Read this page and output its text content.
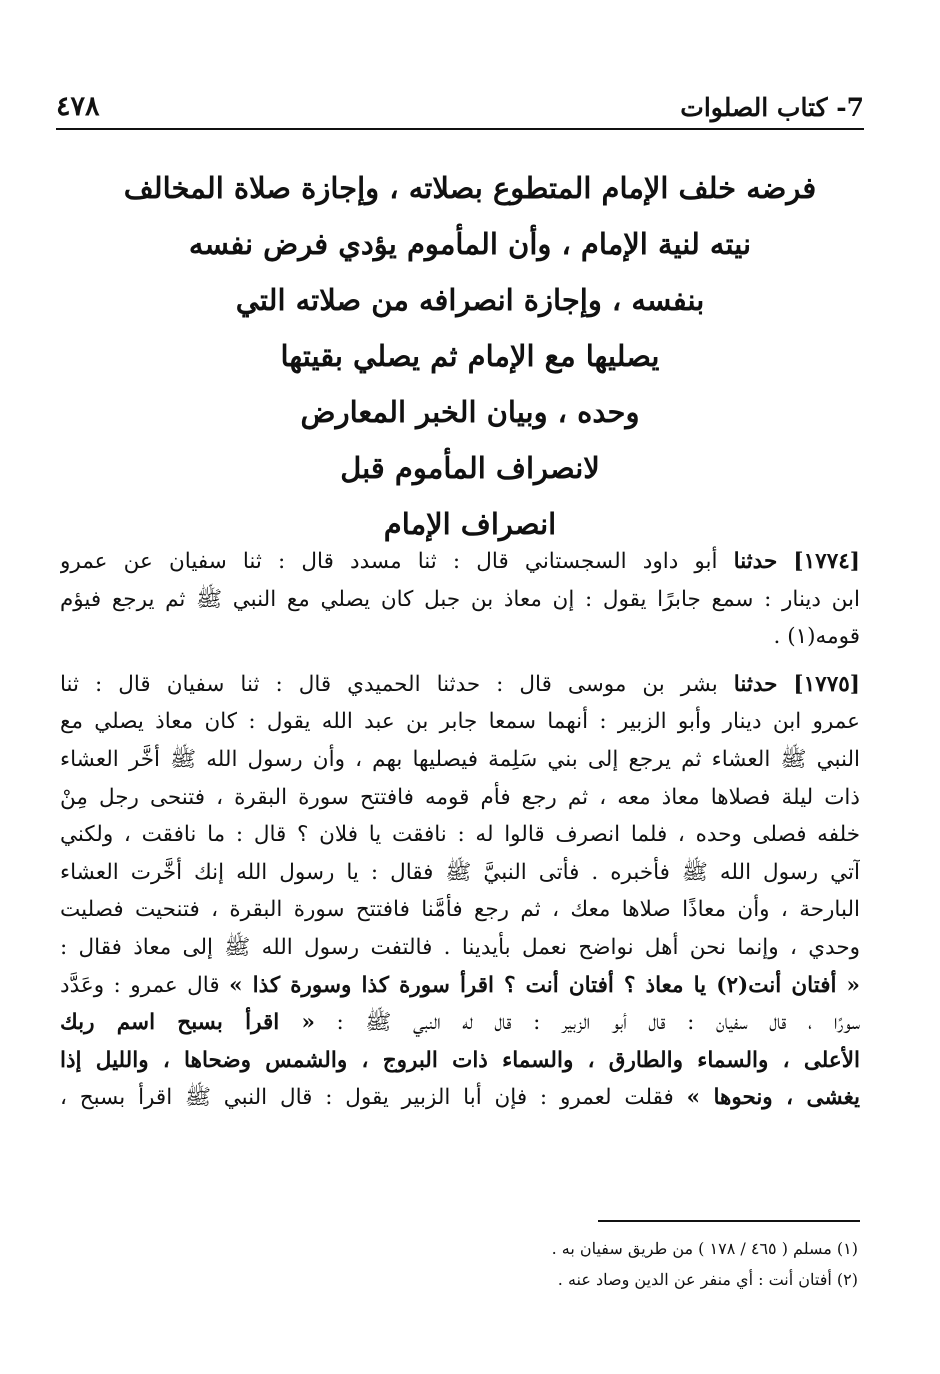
٤٧٨	7- كتاب الصلوات
فرضه خلف الإمام المتطوع بصلاته ، وإجازة صلاة المخالف
نيته لنية الإمام ، وأن المأموم يؤدي فرض نفسه
بنفسه ، وإجازة انصرافه من صلاته التي
يصليها مع الإمام ثم يصلي بقيتها
وحده ، وبيان الخبر المعارض
لانصراف المأموم قبل
انصراف الإمام
[١٧٧٤] حدثنا أبو داود السجستاني قال : ثنا مسدد قال : ثنا سفيان عن عمرو
ابن دينار : سمع جابرًا يقول : إن معاذ بن جبل كان يصلي مع النبي ﷺ ثم يرجع فيؤم
قومه(١) .
[١٧٧٥] حدثنا بشر بن موسى قال : حدثنا الحميدي قال : ثنا سفيان قال : ثنا
عمرو ابن دينار وأبو الزبير : أنهما سمعا جابر بن عبد الله يقول : كان معاذ يصلي مع
النبي ﷺ العشاء ثم يرجع إلى بني سَلِمة فيصليها بهم ، وأن رسول الله ﷺ أخَّر العشاء
ذات ليلة فصلاها معاذ معه ، ثم رجع فأم قومه فافتتح سورة البقرة ، فتنحى رجل مِنْ
خلفه فصلى وحده ، فلما انصرف قالوا له : نافقت يا فلان ؟ قال : ما نافقت ، ولكني
آتي رسول الله ﷺ فأخبره . فأتى النبيَّ ﷺ فقال : يا رسول الله إنك أخَّرت العشاء
البارحة ، وأن معاذًا صلاها معك ، ثم رجع فأمَّنا فافتتح سورة البقرة ، فتنحيت فصليت
وحدي ، وإنما نحن أهل نواضح نعمل بأيدينا . فالتفت رسول الله ﷺ إلى معاذ فقال :
« أفتان أنت(٢) يا معاذ ؟ أفتان أنت ؟ اقرأ سورة كذا وسورة كذا » قال عمرو : وعَدَّد
سورًا ، قال سفيان : قال أبو الزبير : قال له النبي ﷺ : « اقرأ بسبح اسم ربك
الأعلى ، والسماء والطارق ، والسماء ذات البروج ، والشمس وضحاها ، والليل إذا
يغشى ، ونحوها » فقلت لعمرو : فإن أبا الزبير يقول : قال النبي ﷺ اقرأ بسبح ،
(١) مسلم ( ٤٦٥ / ١٧٨ ) من طريق سفيان به .
(٢) أفتان أنت : أي منفر عن الدين وصاد عنه .
